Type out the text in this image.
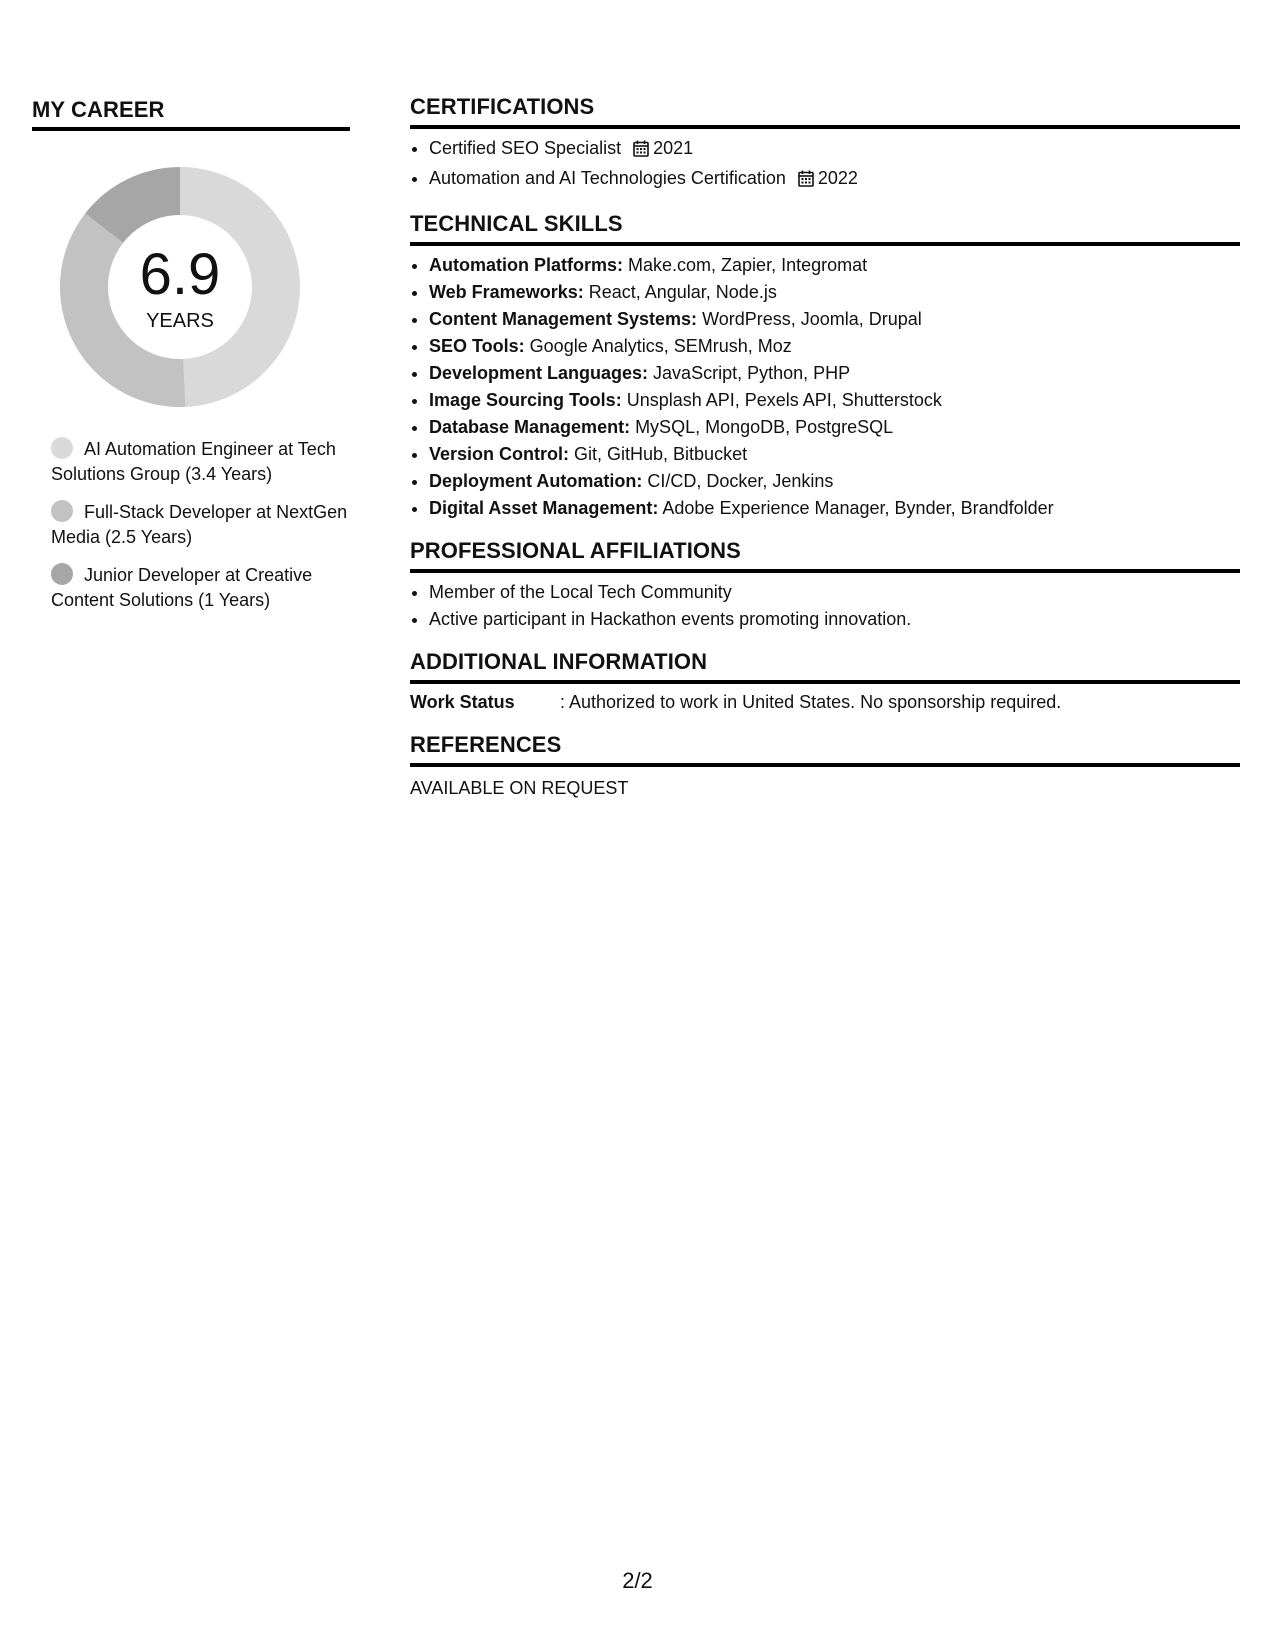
MY CAREER
6.9
YEARS
AI Automation Engineer at Tech Solutions Group (3.4 Years)
Full-Stack Developer at NextGen Media (2.5 Years)
Junior Developer at Creative Content Solutions (1 Years)
CERTIFICATIONS
• Certified SEO Specialist 2021
• Automation and AI Technologies Certification 2022
TECHNICAL SKILLS
• Automation Platforms: Make.com, Zapier, Integromat
• Web Frameworks: React, Angular, Node.js
• Content Management Systems: WordPress, Joomla, Drupal
• SEO Tools: Google Analytics, SEMrush, Moz
• Development Languages: JavaScript, Python, PHP
• Image Sourcing Tools: Unsplash API, Pexels API, Shutterstock
• Database Management: MySQL, MongoDB, PostgreSQL
• Version Control: Git, GitHub, Bitbucket
• Deployment Automation: CI/CD, Docker, Jenkins
• Digital Asset Management: Adobe Experience Manager, Bynder, Brandfolder
PROFESSIONAL AFFILIATIONS
• Member of the Local Tech Community
• Active participant in Hackathon events promoting innovation.
ADDITIONAL INFORMATION
Work Status	: Authorized to work in United States. No sponsorship required.
REFERENCES

AVAILABLE ON REQUEST

2/2
